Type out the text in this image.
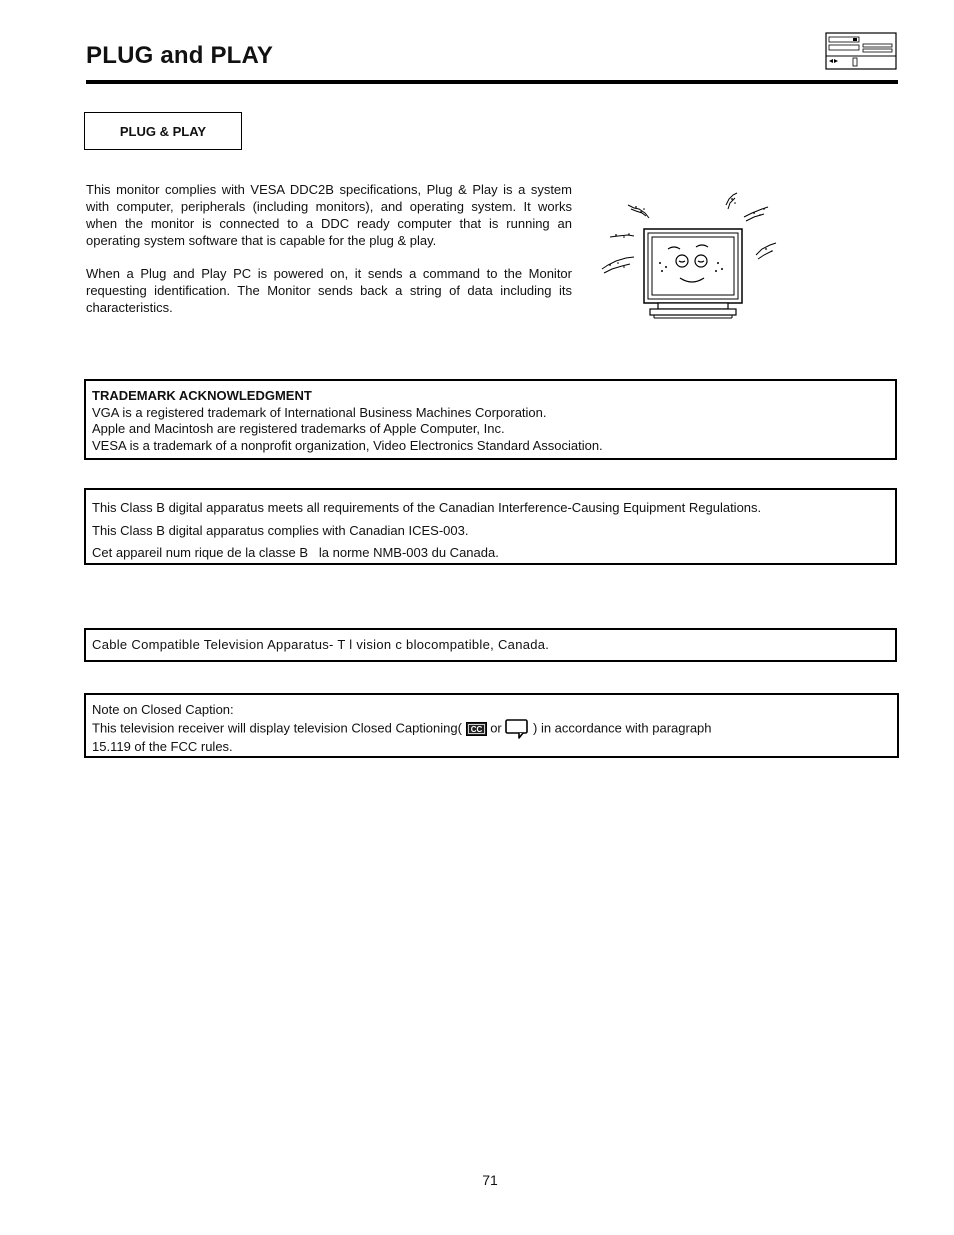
PLUG and PLAY
PLUG & PLAY

This monitor complies with VESA DDC2B specifications, Plug & Play is a system with computer, peripherals (including monitors), and operating system. It works when the monitor is connected to a DDC ready computer that is running an operating system software that is capable for the plug & play.

When a Plug and Play PC is powered on, it sends a command to the Monitor requesting identification. The Monitor sends back a string of data including its characteristics.

TRADEMARK ACKNOWLEDGMENT
VGA is a registered trademark of International Business Machines Corporation.
Apple and Macintosh are registered trademarks of Apple Computer, Inc.
VESA is a trademark of a nonprofit organization, Video Electronics Standard Association.
This Class B digital apparatus meets all requirements of the Canadian Interference-Causing Equipment Regulations.
This Class B digital apparatus complies with Canadian ICES-003.
Cet appareil num rique de la classe B   la norme NMB-003 du Canada.
Cable Compatible Television Apparatus- T l vision c blocompatible, Canada.
Note on Closed Caption:
This television receiver will display television Closed Captioning( CC or ) in accordance with paragraph
15.119 of the FCC rules.
71
